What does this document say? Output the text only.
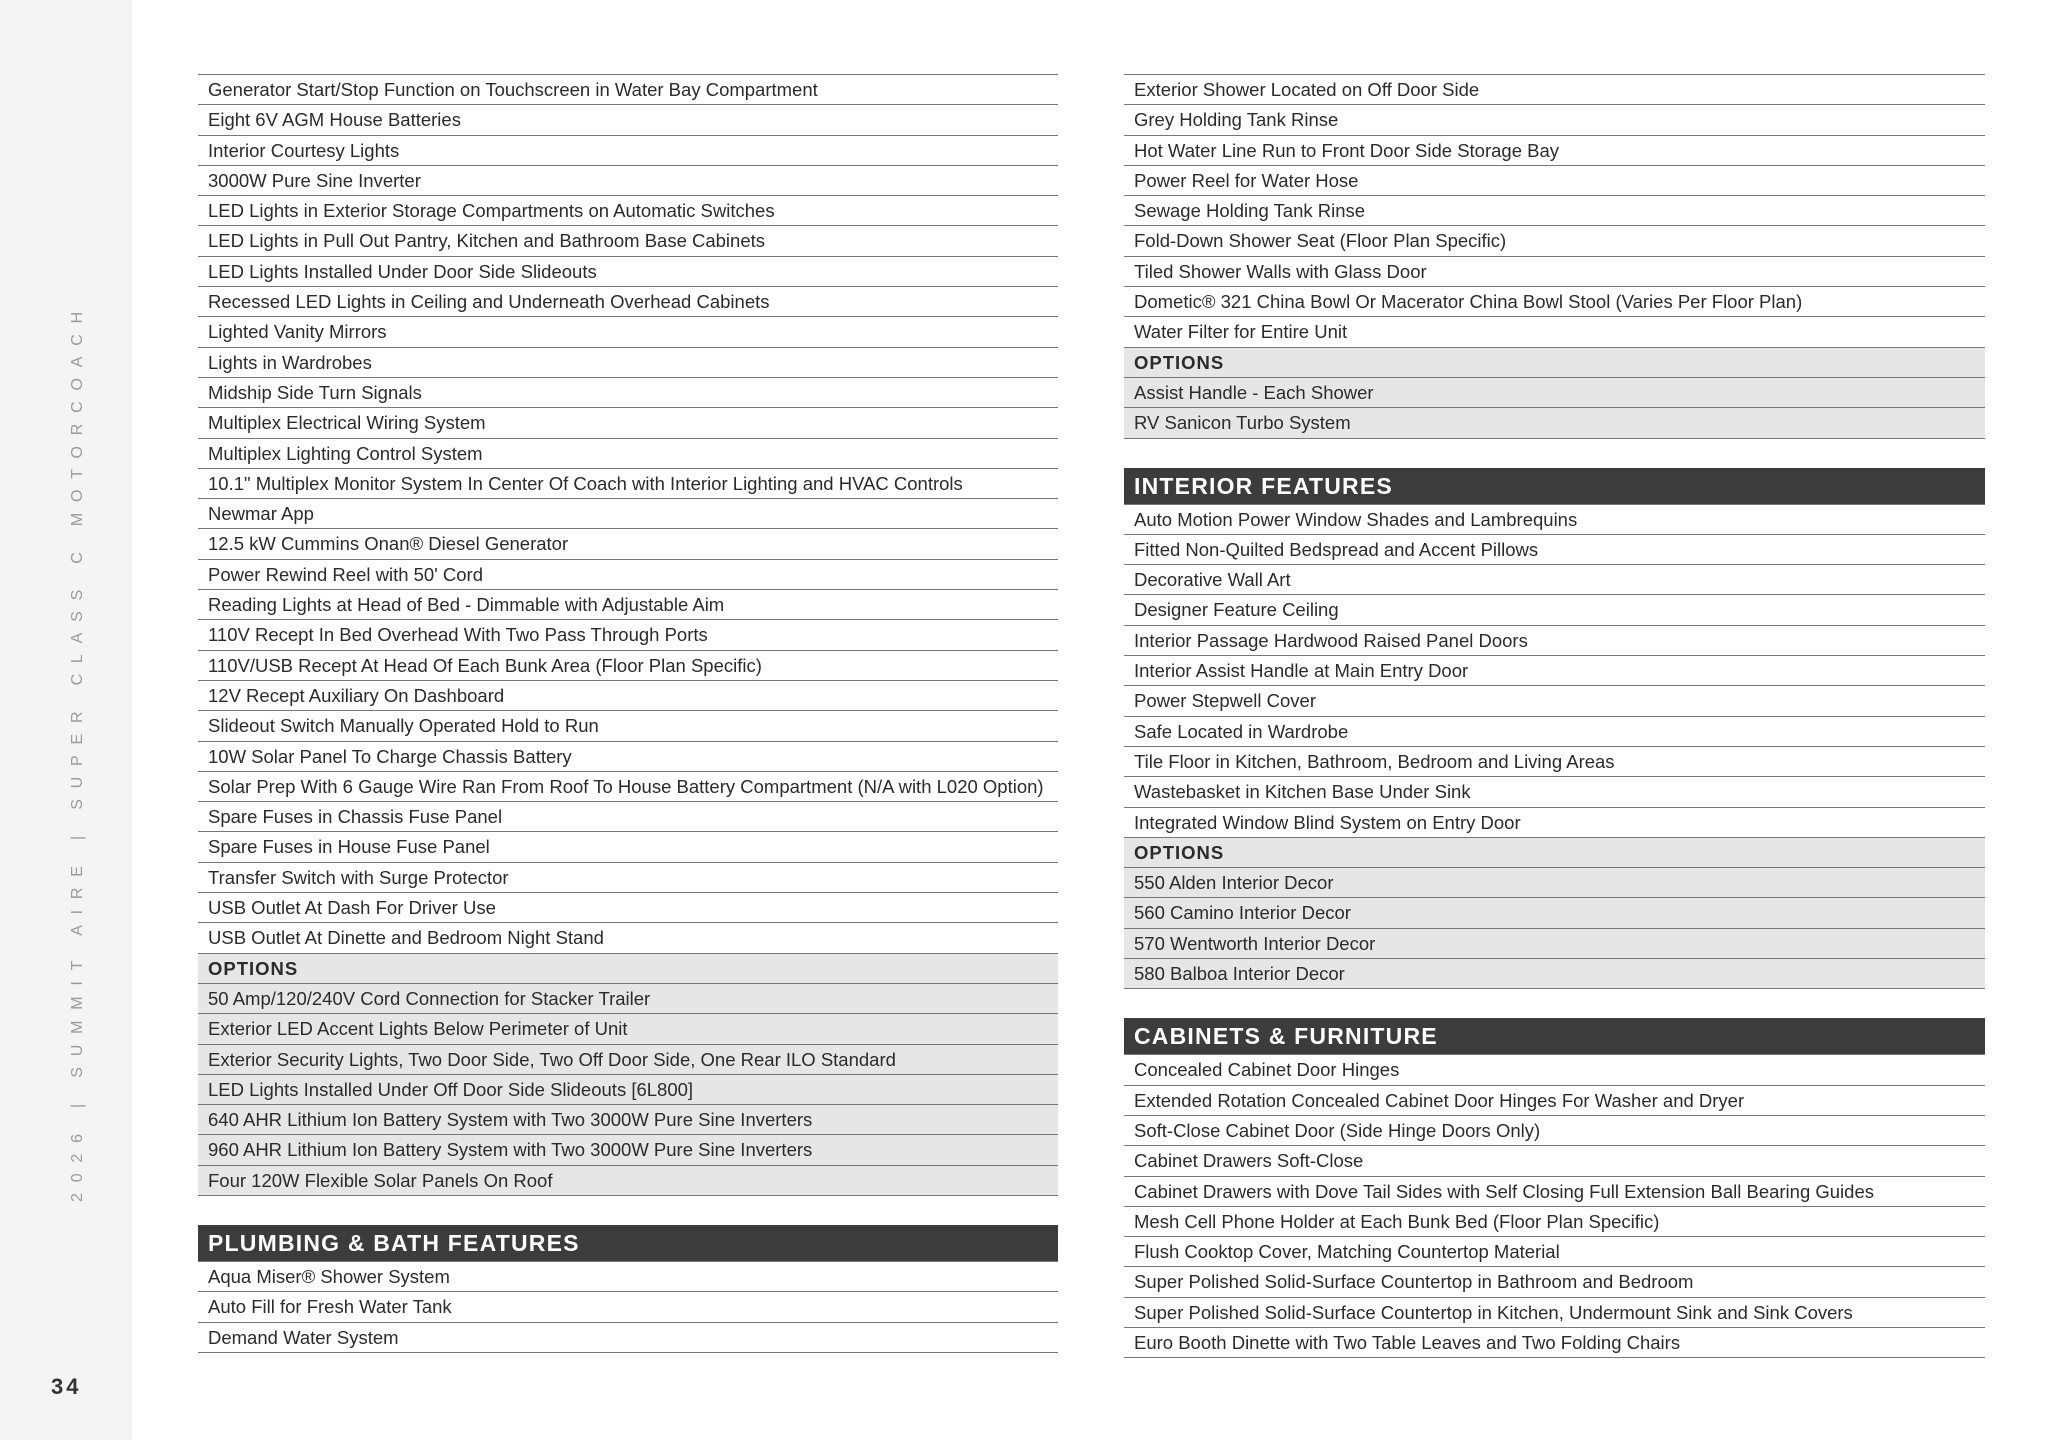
2026 | SUMMIT AIRE | SUPER CLASS C MOTORCOACH
34
Generator Start/Stop Function on Touchscreen in Water Bay Compartment
Eight 6V AGM House Batteries
Interior Courtesy Lights
3000W Pure Sine Inverter
LED Lights in Exterior Storage Compartments on Automatic Switches
LED Lights in Pull Out Pantry, Kitchen and Bathroom Base Cabinets
LED Lights Installed Under Door Side Slideouts
Recessed LED Lights in Ceiling and Underneath Overhead Cabinets
Lighted Vanity Mirrors
Lights in Wardrobes
Midship Side Turn Signals
Multiplex Electrical Wiring System
Multiplex Lighting Control System
10.1" Multiplex Monitor System In Center Of Coach with Interior Lighting and HVAC Controls
Newmar App
12.5 kW Cummins Onan® Diesel Generator
Power Rewind Reel with 50' Cord
Reading Lights at Head of Bed - Dimmable with Adjustable Aim
110V Recept In Bed Overhead With Two Pass Through Ports
110V/USB Recept At Head Of Each Bunk Area (Floor Plan Specific)
12V Recept Auxiliary On Dashboard
Slideout Switch Manually Operated Hold to Run
10W Solar Panel To Charge Chassis Battery
Solar Prep With 6 Gauge Wire Ran From Roof To House Battery Compartment (N/A with L020 Option)
Spare Fuses in Chassis Fuse Panel
Spare Fuses in House Fuse Panel
Transfer Switch with Surge Protector
USB Outlet At Dash For Driver Use
USB Outlet At Dinette and Bedroom Night Stand
OPTIONS
50 Amp/120/240V Cord Connection for Stacker Trailer
Exterior LED Accent Lights Below Perimeter of Unit
Exterior Security Lights, Two Door Side, Two Off Door Side, One Rear ILO Standard
LED Lights Installed Under Off Door Side Slideouts [6L800]
640 AHR Lithium Ion Battery System with Two 3000W Pure Sine Inverters
960 AHR Lithium Ion Battery System with Two 3000W Pure Sine Inverters
Four 120W Flexible Solar Panels On Roof
PLUMBING & BATH FEATURES
Aqua Miser® Shower System
Auto Fill for Fresh Water Tank
Demand Water System
Exterior Shower Located on Off Door Side
Grey Holding Tank Rinse
Hot Water Line Run to Front Door Side Storage Bay
Power Reel for Water Hose
Sewage Holding Tank Rinse
Fold-Down Shower Seat (Floor Plan Specific)
Tiled Shower Walls with Glass Door
Dometic® 321 China Bowl Or Macerator China Bowl Stool (Varies Per Floor Plan)
Water Filter for Entire Unit
OPTIONS
Assist Handle - Each Shower
RV Sanicon Turbo System
INTERIOR FEATURES
Auto Motion Power Window Shades and Lambrequins
Fitted Non-Quilted Bedspread and Accent Pillows
Decorative Wall Art
Designer Feature Ceiling
Interior Passage Hardwood Raised Panel Doors
Interior Assist Handle at Main Entry Door
Power Stepwell Cover
Safe Located in Wardrobe
Tile Floor in Kitchen, Bathroom, Bedroom and Living Areas
Wastebasket in Kitchen Base Under Sink
Integrated Window Blind System on Entry Door
OPTIONS
550 Alden Interior Decor
560 Camino Interior Decor
570 Wentworth Interior Decor
580 Balboa Interior Decor
CABINETS & FURNITURE
Concealed Cabinet Door Hinges
Extended Rotation Concealed Cabinet Door Hinges For Washer and Dryer
Soft-Close Cabinet Door (Side Hinge Doors Only)
Cabinet Drawers Soft-Close
Cabinet Drawers with Dove Tail Sides with Self Closing Full Extension Ball Bearing Guides
Mesh Cell Phone Holder at Each Bunk Bed (Floor Plan Specific)
Flush Cooktop Cover, Matching Countertop Material
Super Polished Solid-Surface Countertop in Bathroom and Bedroom
Super Polished Solid-Surface Countertop in Kitchen, Undermount Sink and Sink Covers
Euro Booth Dinette with Two Table Leaves and Two Folding Chairs
